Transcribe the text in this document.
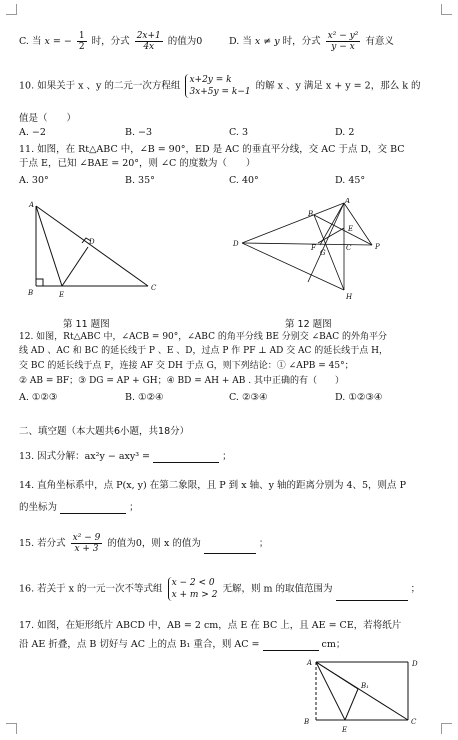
C. 当 x = − $\frac{1}{2}$ 时，分式 $\frac{2x+1}{4x}$ 的值为0	D. 当 x ≠ y 时，分式 $\frac{\text{x² − y²}}{y - x}$ 有意义
10. 如果关于 x 、y 的二元一次方程组 x+2y = k
3x+5y = k−1 的解 x 、y 满足 x + y = 2，那么 k 的
值是（　　）
A. −2	B. −3	C. 3	D. 2
11. 如图，在 Rt△ABC 中，∠B = 90°，ED 是 AC 的垂直平分线，交 AC 于点 D，交 BC
于点 E，已知 ∠BAE = 20°，则 ∠C 的度数为（　　）
A. 30°	B. 35°	C. 40°	D. 45°
A
B	E
D
C
A
B
E
D	F
G
C	P
H
第 11 题图	第 12 题图
12. 如图，Rt△ABC 中，∠ACB = 90°，∠ABC 的角平分线 BE 分别交 ∠BAC 的外角平分
线 AD 、AC 和 BC 的延长线于 P 、E 、D，过点 P 作 PF ⊥ AD 交 AC 的延长线于点 H，
交 BC 的延长线于点 F，连接 AF 交 DH 于点 G，则下列结论：① ∠APB = 45°；
② AB = BF；③ DG = AP + GH；④ BD = AH + AB . 其中正确的有（　　）
A. ①②③	B. ①②④	C. ②③④	D. ①②③④
二、填空题（本大题共6小题，共18分）
13. 因式分解：ax²y − axy³ =	；
14. 直角坐标系中，点 P(x, y) 在第二象限，且 P 到 x 轴、y 轴的距离分别为 4、5，则点 P
的坐标为	；
15. 若分式 $\frac{\text{x² − 9}}{x + 3}$ 的值为0，则 x 的值为	；
16. 若关于 x 的一元一次不等式组 x − 2 < 0
x + m > 2 无解，则 m 的取值范围为	；
17. 如图，在矩形纸片 ABCD 中，AB = 2 cm，点 E 在 BC 上，且 AE = CE，若将纸片
沿 AE 折叠，点 B 切好与 AC 上的点 B₁ 重合，则 AC =	cm；
A	D
B₁
B
E
C
